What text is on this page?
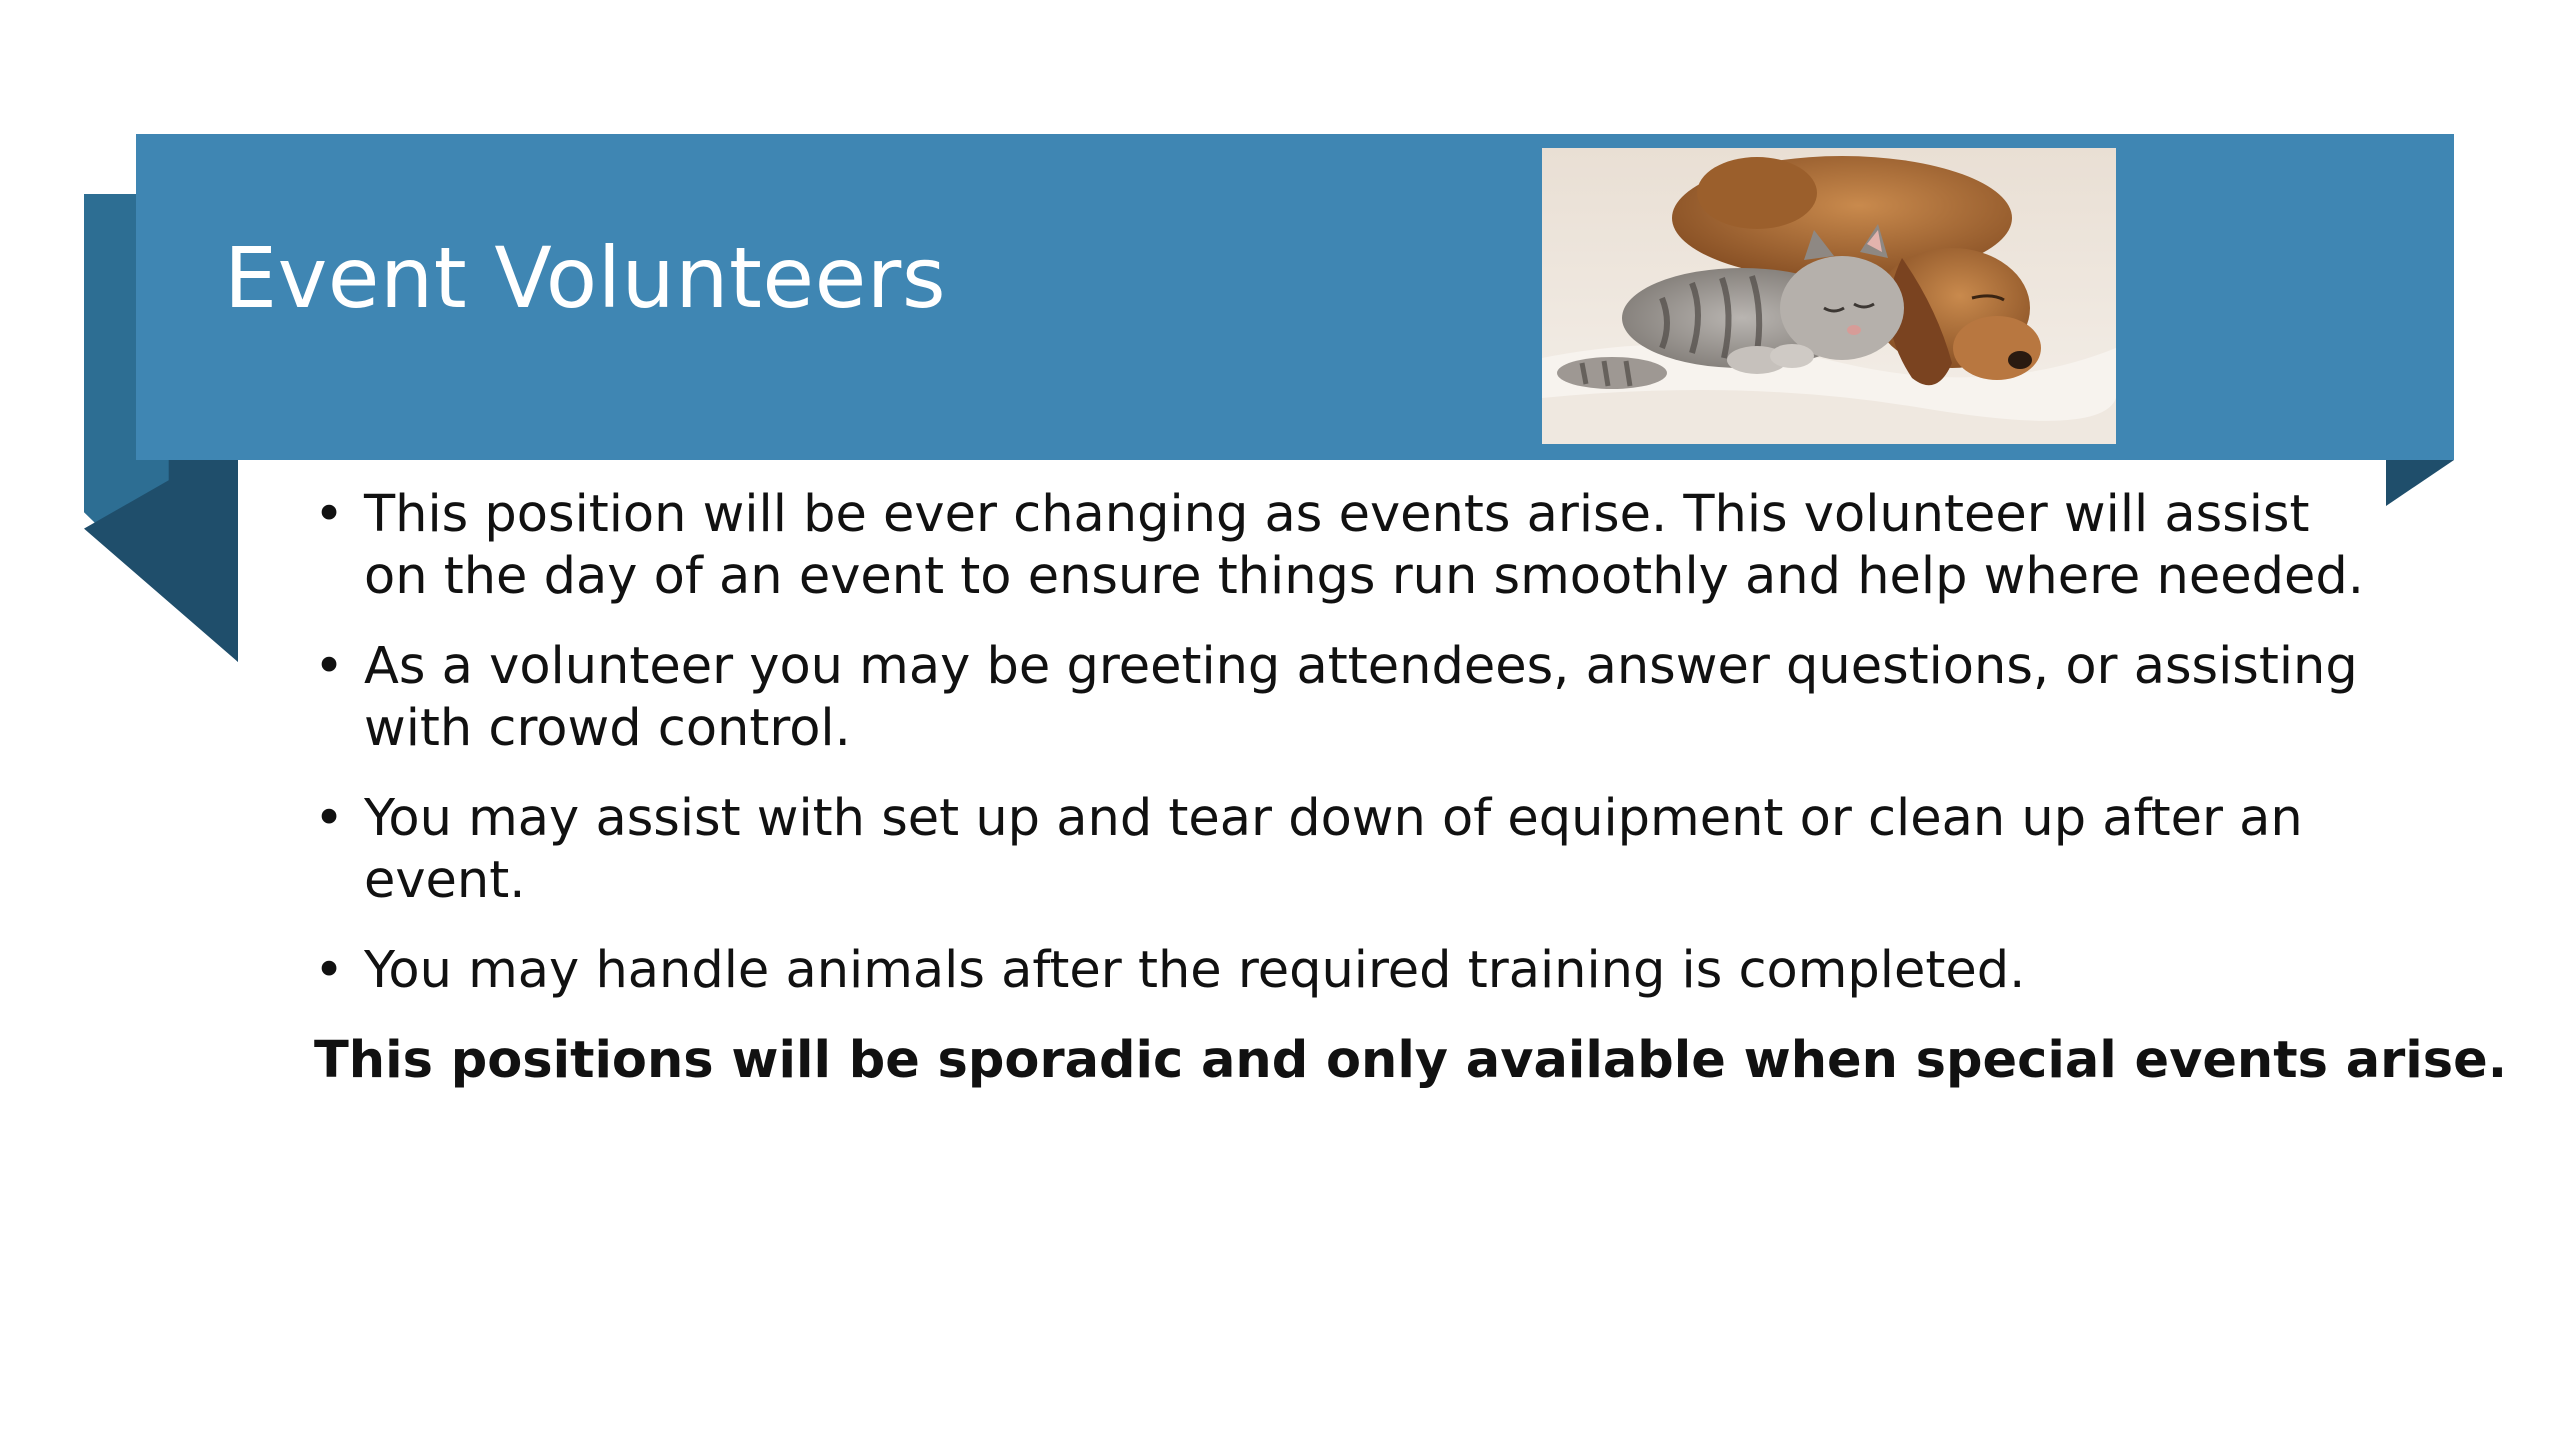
Event Volunteers
• This position will be ever changing as events arise. This volunteer will assist on the day of an event to ensure things run smoothly and help where needed.
• As a volunteer you may be greeting attendees, answer questions, or assisting with crowd control.
• You may assist with set up and tear down of equipment or clean up after an event.
• You may handle animals after the required training is completed.

This positions will be sporadic and only available when special events arise.
